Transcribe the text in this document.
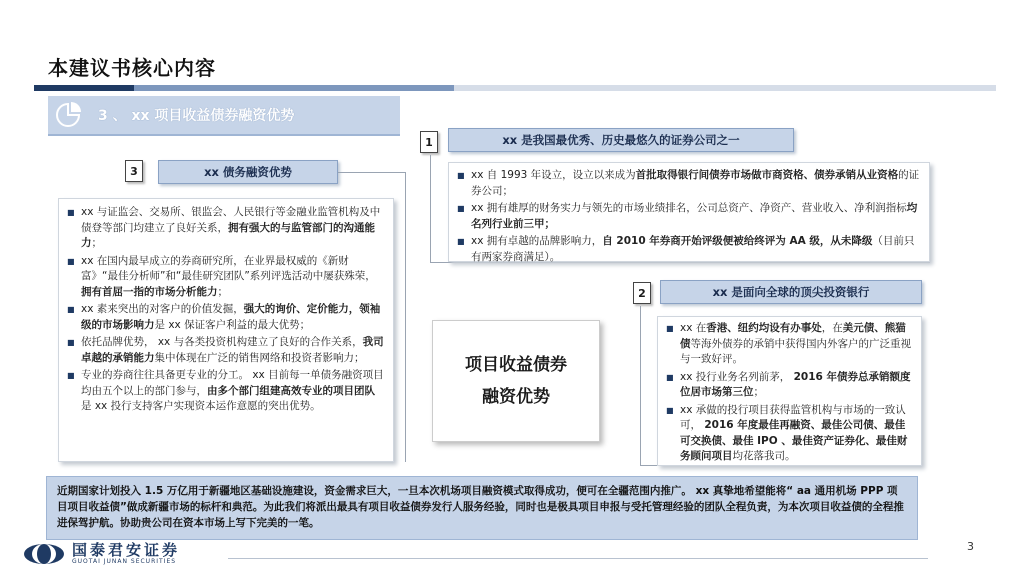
本建议书核心内容
3 、 xx 项目收益债券融资优势
3	xx 债务融资优势
■ xx 与证监会、交易所、银监会、人民银行等金融业监管机构及中债登等部门均建立了良好关系，拥有强大的与监管部门的沟通能力；
■ xx 在国内最早成立的券商研究所，在业界最权威的《新财富》“最佳分析师”和“最佳研究团队”系列评选活动中屡获殊荣，拥有首屈一指的市场分析能力；
■ xx 素来突出的对客户的价值发掘，强大的询价、定价能力，领袖级的市场影响力是 xx 保证客户利益的最大优势；
■ 依托品牌优势， xx 与各类投资机构建立了良好的合作关系，我司卓越的承销能力集中体现在广泛的销售网络和投资者影响力；
■ 专业的券商往往具备更专业的分工。 xx 目前每一单债务融资项目均由五个以上的部门参与，由多个部门组建高效专业的项目团队是 xx 投行支持客户实现资本运作意愿的突出优势。
1	xx 是我国最优秀、历史最悠久的证券公司之一
■ xx 自 1993 年设立，设立以来成为首批取得银行间债券市场做市商资格、债券承销从业资格的证券公司；
■ xx 拥有雄厚的财务实力与领先的市场业绩排名，公司总资产、净资产、营业收入、净利润指标均名列行业前三甲；
■ xx 拥有卓越的品牌影响力，自 2010 年券商开始评级便被给终评为 AA 级，从未降级（目前只有两家券商满足）。
2	xx 是面向全球的顶尖投资银行
■ xx 在香港、纽约均设有办事处，在美元债、熊猫债等海外债券的承销中获得国内外客户的广泛重视与一致好评。
■ xx 投行业务名列前茅， 2016 年债券总承销额度位居市场第三位；
■ xx 承做的投行项目获得监管机构与市场的一致认可， 2016 年度最佳再融资、最佳公司债、最佳可交换债、最佳 IPO 、最佳资产证券化、最佳财务顾问项目均花落我司。
项目收益债券
融资优势
近期国家计划投入 1.5 万亿用于新疆地区基础设施建设，资金需求巨大，一旦本次机场项目融资模式取得成功，便可在全疆范围内推广。 xx 真挚地希望能将“ aa 通用机场 PPP 项目项目收益债”做成新疆市场的标杆和典范。为此我们将派出最具有项目收益债券发行人服务经验，同时也是极具项目申报与受托管理经验的团队全程负责，为本次项目收益债的全程推进保驾护航。协助贵公司在资本市场上写下完美的一笔。
国泰君安证券
GUOTAI JUNAN SECURITIES
3
